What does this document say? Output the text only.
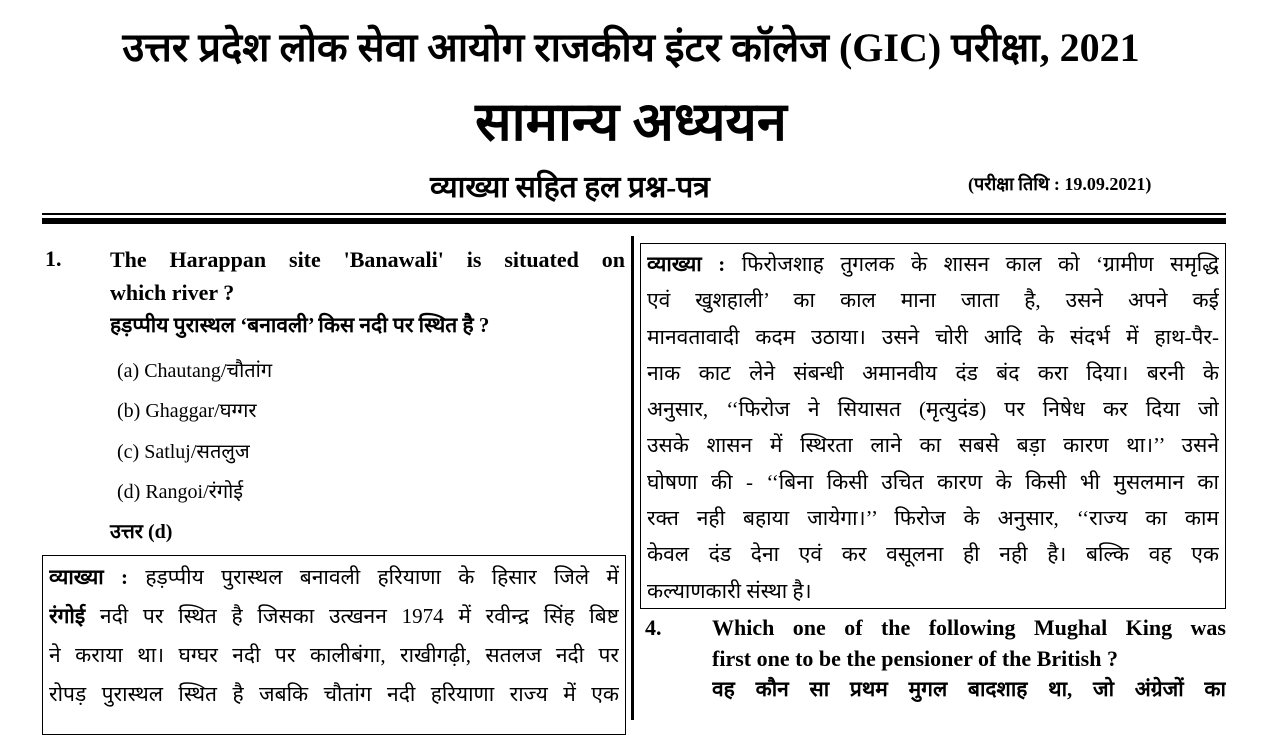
उत्तर प्रदेश लोक सेवा आयोग राजकीय इंटर कॉलेज (GIC) परीक्षा, 2021
सामान्य अध्ययन
व्याख्या सहित हल प्रश्न-पत्र	(परीक्षा तिथि : 19.09.2021)
1. The Harappan site 'Banawali' is situated on
which river ?
हड़प्पीय पुरास्थल ‘बनावली’ किस नदी पर स्थित है ?
(a) Chautang/चौतांग
(b) Ghaggar/घग्गर
(c) Satluj/सतलुज
(d) Rangoi/रंगोई
उत्तर (d)
व्याख्या : हड़प्पीय पुरास्थल बनावली हरियाणा के हिसार जिले में
रंगोई नदी पर स्थित है जिसका उत्खनन 1974 में रवीन्द्र सिंह बिष्ट
ने कराया था। घग्घर नदी पर कालीबंगा, राखीगढ़ी, सतलज नदी पर
रोपड़ पुरास्थल स्थित है जबकि चौतांग नदी हरियाणा राज्य में एक
व्याख्या : फिरोजशाह तुगलक के शासन काल को ‘ग्रामीण समृद्धि
एवं खुशहाली’ का काल माना जाता है, उसने अपने कई
मानवतावादी कदम उठाया। उसने चोरी आदि के संदर्भ में हाथ-पैर-
नाक काट लेने संबन्धी अमानवीय दंड बंद करा दिया। बरनी के
अनुसार, ‘‘फिरोज ने सियासत (मृत्युदंड) पर निषेध कर दिया जो
उसके शासन में स्थिरता लाने का सबसे बड़ा कारण था।’’ उसने
घोषणा की - ‘‘बिना किसी उचित कारण के किसी भी मुसलमान का
रक्त नही बहाया जायेगा।’’ फिरोज के अनुसार, ‘‘राज्य का काम
केवल दंड देना एवं कर वसूलना ही नही है। बल्कि वह एक
कल्याणकारी संस्था है।
4. Which one of the following Mughal King was
first one to be the pensioner of the British ?
वह कौन सा प्रथम मुगल बादशाह था, जो अंग्रेजों का
